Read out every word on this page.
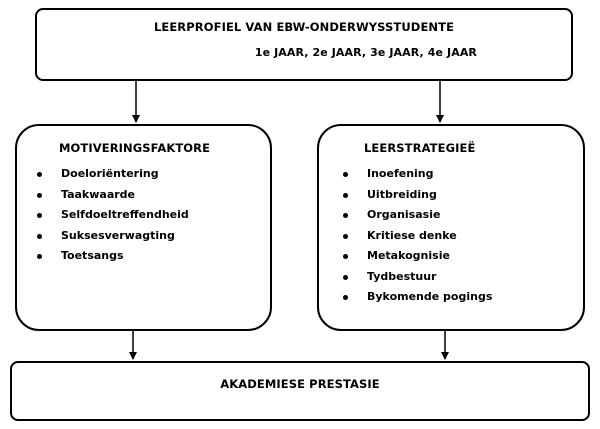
LEERPROFIEL VAN EBW-ONDERWYSSTUDENTE
1e JAAR, 2e JAAR, 3e JAAR, 4e JAAR
MOTIVERINGSFAKTORE
Doeloriëntering
Taakwaarde
Selfdoeltreffendheid
Suksesverwagting
Toetsangs
LEERSTRATEGIEË
Inoefening
Uitbreiding
Organisasie
Kritiese denke
Metakognisie
Tydbestuur
Bykomende pogings
AKADEMIESE PRESTASIE
